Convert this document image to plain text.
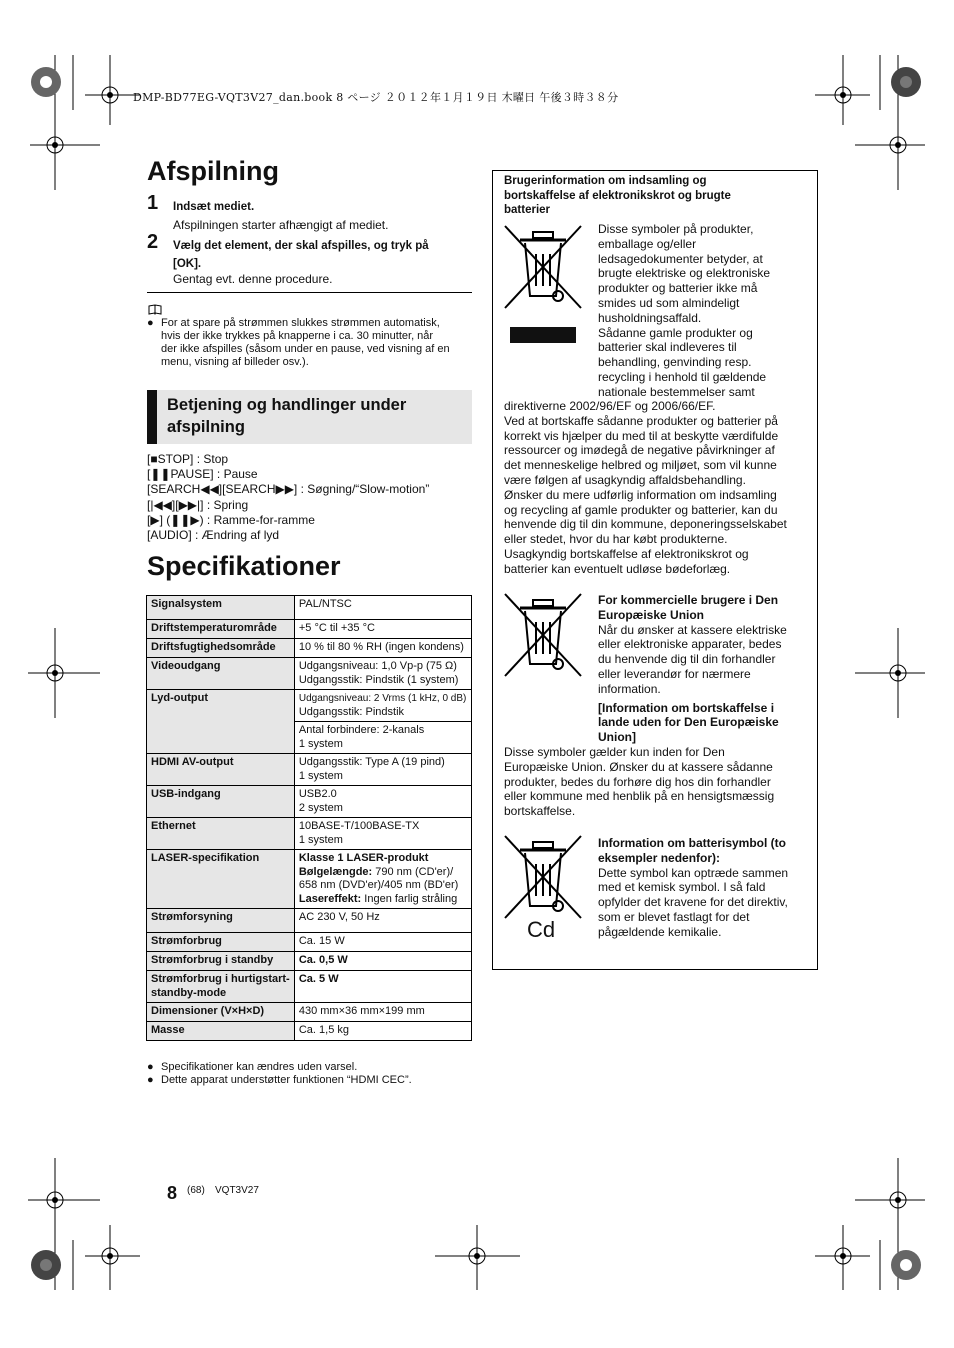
DMP-BD77EG-VQT3V27_dan.book 8 ページ ２０１２年１月１９日 木曜日 午後３時３８分
Afspilning
1 Indsæt mediet.
Afspilningen starter afhængigt af mediet.
2 Vælg det element, der skal afspilles, og tryk på
[OK].
Gentag evt. denne procedure.
● For at spare på strømmen slukkes strømmen automatisk,
hvis der ikke trykkes på knapperne i ca. 30 minutter, når
der ikke afspilles (såsom under en pause, ved visning af en
menu, visning af billeder osv.).
Betjening og handlinger under
afspilning
[■STOP] : Stop
[❚❚PAUSE] : Pause
[SEARCH◀◀][SEARCH▶▶] : Søgning/“Slow-motion”
[|◀◀][▶▶|] : Spring
[▶] (❚❚▶) : Ramme-for-ramme
[AUDIO] : Ændring af lyd
Specifikationer
Signalsystem	PAL/NTSC
Driftstemperaturområde	+5 °C til +35 °C
Driftsfugtighedsområde	10 % til 80 % RH (ingen kondens)
Videoudgang	Udgangsniveau: 1,0 Vp-p (75 Ω)
Udgangsstik: Pindstik (1 system)

Lyd-output	Udgangsniveau: 2 Vrms (1 kHz, 0 dB)
Udgangsstik: Pindstik

	Antal forbindere: 2-kanals
1 system

HDMI AV-output	Udgangsstik: Type A (19 pind)
1 system

USB-indgang	USB2.0
2 system

Ethernet	10BASE-T/100BASE-TX
1 system

LASER-specifikation	Klasse 1 LASER-produkt
Bølgelængde: 790 nm (CD'er)/
658 nm (DVD'er)/405 nm (BD'er)
Lasereffekt: Ingen farlig stråling

Strømforsyning	AC 230 V, 50 Hz
Strømforbrug	Ca. 15 W
Strømforbrug i standby	Ca. 0,5 W
Strømforbrug i hurtigstart-standby-mode	Ca. 5 W
Dimensioner (V×H×D)	430 mm×36 mm×199 mm
Masse	Ca. 1,5 kg
● Specifikationer kan ændres uden varsel.
● Dette apparat understøtter funktionen “HDMI CEC”.
Brugerinformation om indsamling og
bortskaffelse af elektronikskrot og brugte
batterier
Disse symboler på produkter,
emballage og/eller
ledsagedokumenter betyder, at
brugte elektriske og elektroniske
produkter og batterier ikke må
smides ud som almindeligt
husholdningsaffald.
Sådanne gamle produkter og
batterier skal indleveres til
behandling, genvinding resp.
recycling i henhold til gældende
nationale bestemmelser samt
direktiverne 2002/96/EF og 2006/66/EF.
Ved at bortskaffe sådanne produkter og batterier på
korrekt vis hjælper du med til at beskytte værdifulde
ressourcer og imødegå de negative påvirkninger af
det menneskelige helbred og miljøet, som vil kunne
være følgen af usagkyndig affaldsbehandling.
Ønsker du mere udførlig information om indsamling
og recycling af gamle produkter og batterier, kan du
henvende dig til din kommune, deponeringsselskabet
eller stedet, hvor du har købt produkterne.
Usagkyndig bortskaffelse af elektronikskrot og
batterier kan eventuelt udløse bødeforlæg.
For kommercielle brugere i Den
Europæiske Union
Når du ønsker at kassere elektriske
eller elektroniske apparater, bedes
du henvende dig til din forhandler
eller leverandør for nærmere
information.
[Information om bortskaffelse i
lande uden for Den Europæiske
Union]
Disse symboler gælder kun inden for Den
Europæiske Union. Ønsker du at kassere sådanne
produkter, bedes du forhøre dig hos din forhandler
eller kommune med henblik på en hensigtsmæssig
bortskaffelse.
Cd
Information om batterisymbol (to
eksempler nedenfor):
Dette symbol kan optræde sammen
med et kemisk symbol. I så fald
opfylder det kravene for det direktiv,
som er blevet fastlagt for det
pågældende kemikalie.
8 (68) VQT3V27
